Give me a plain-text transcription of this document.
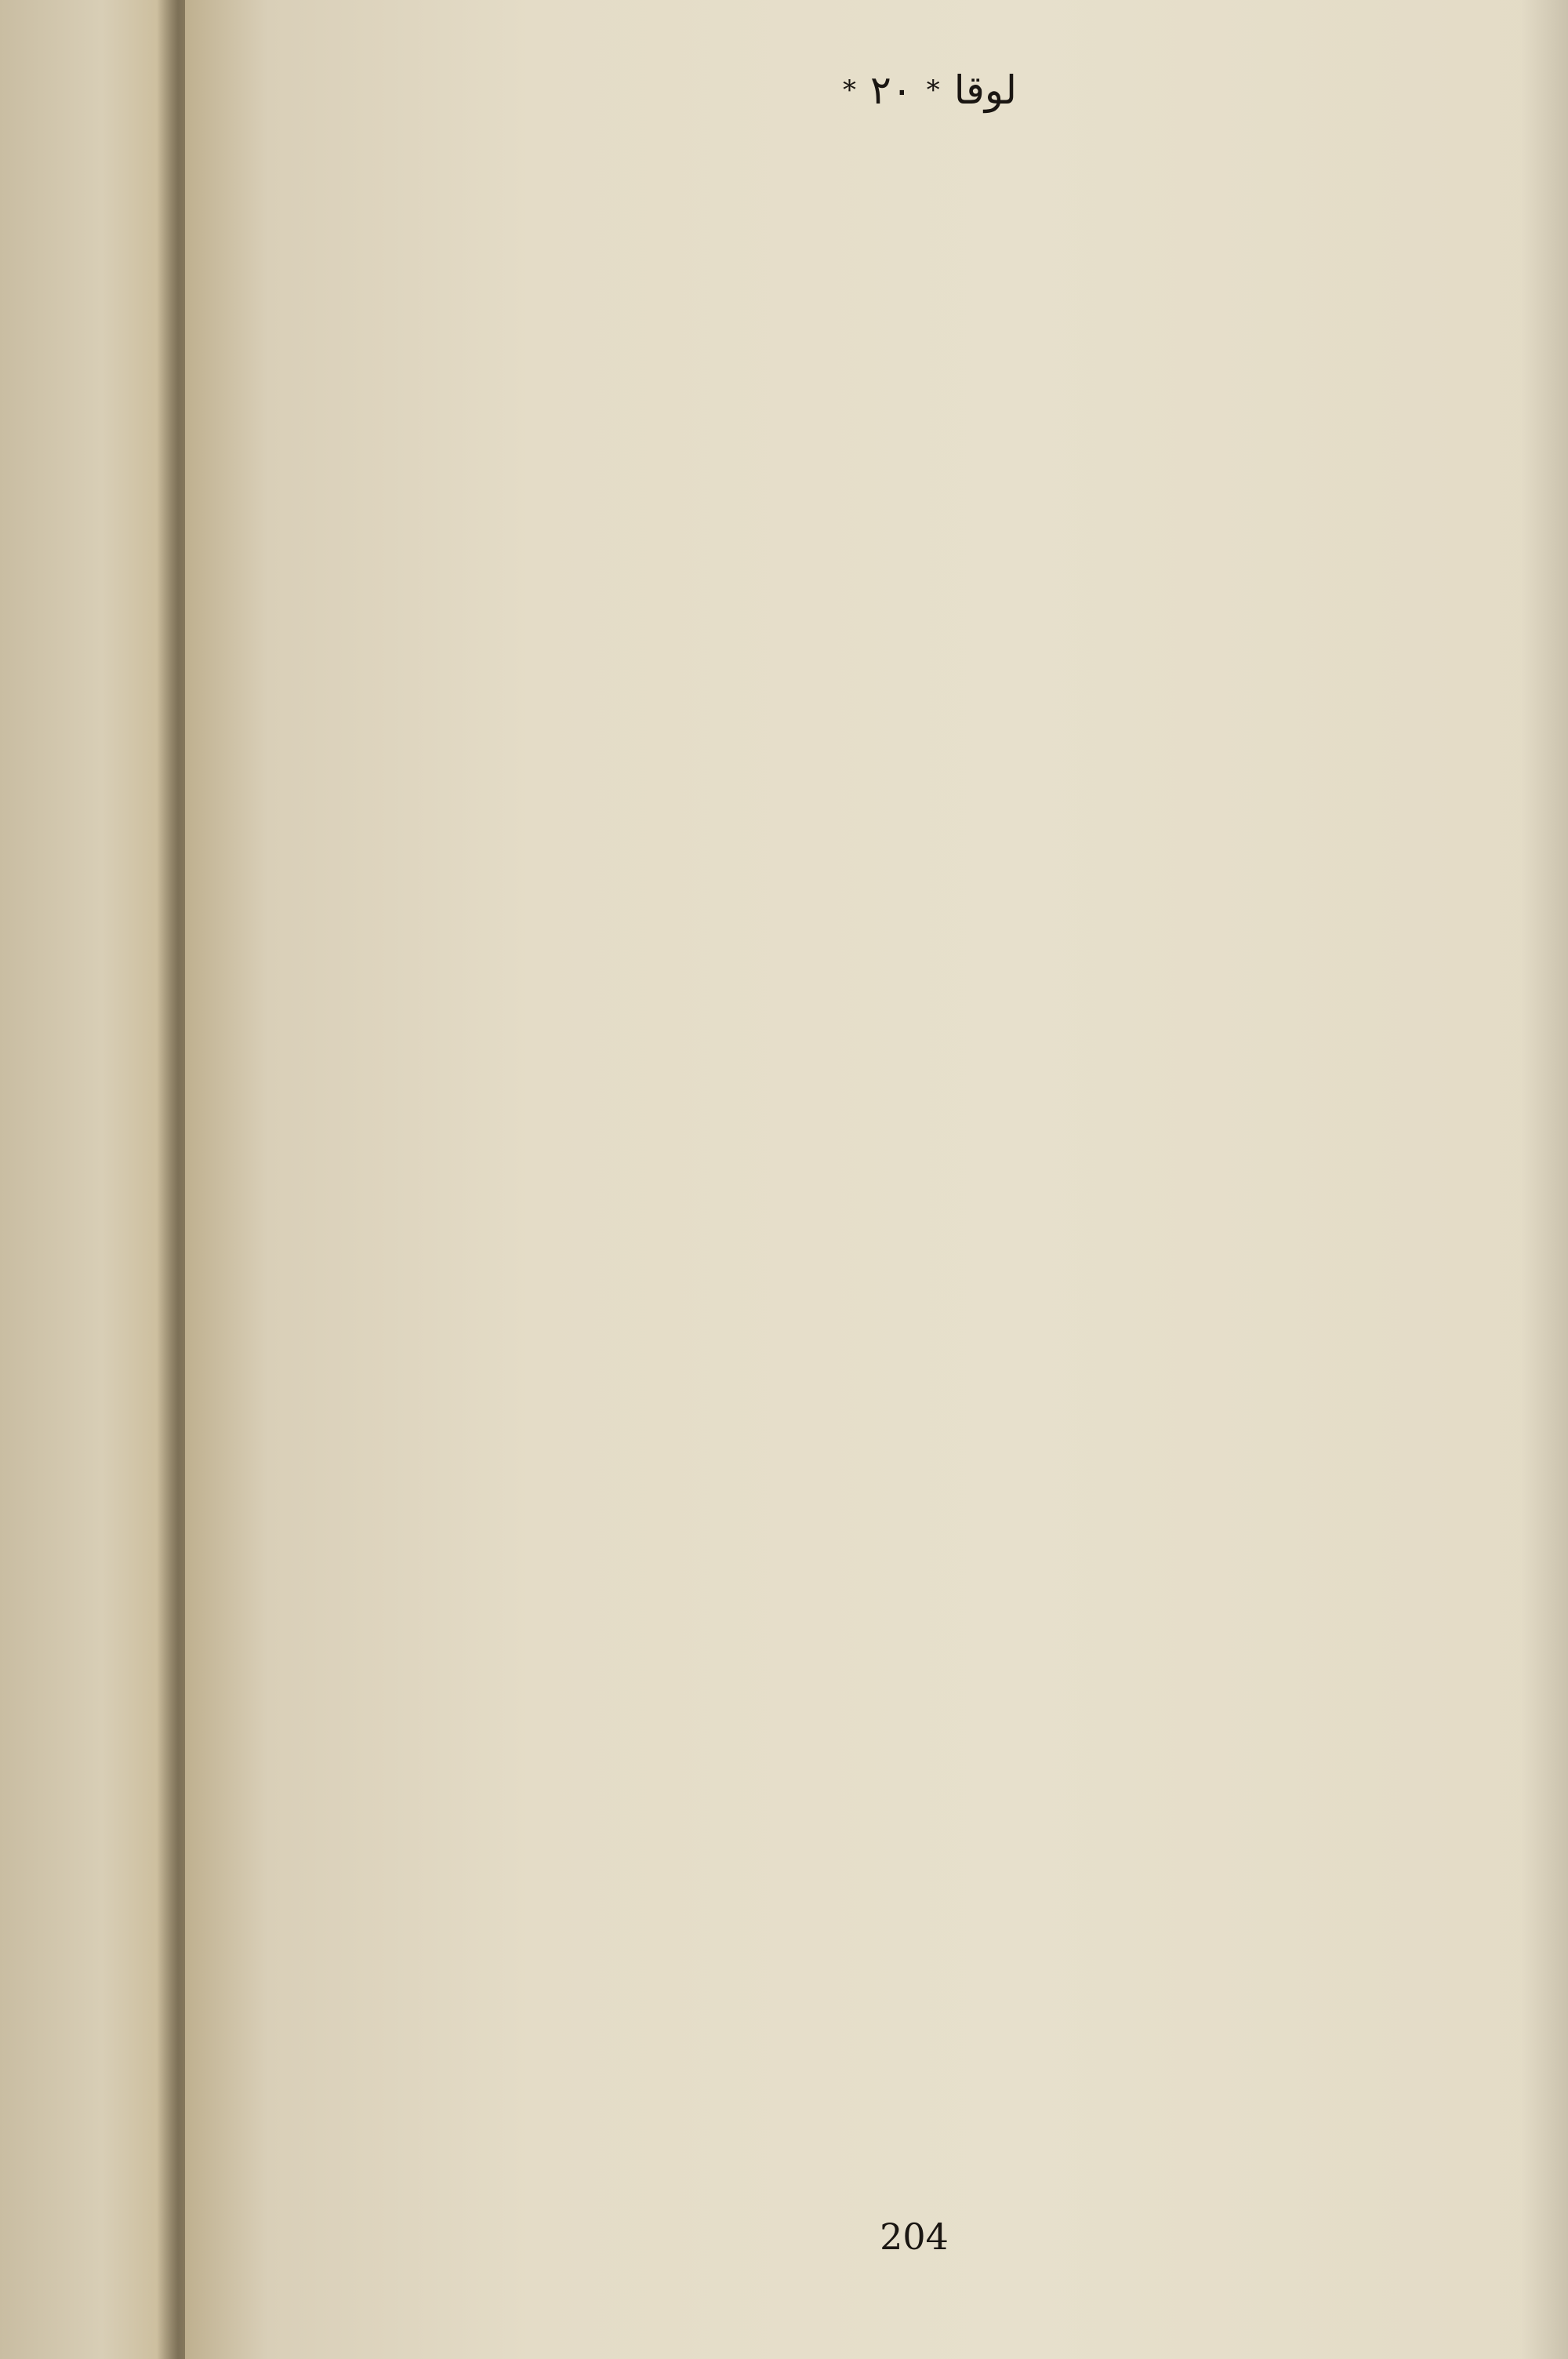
لوقا
*
۲۰
*
204
